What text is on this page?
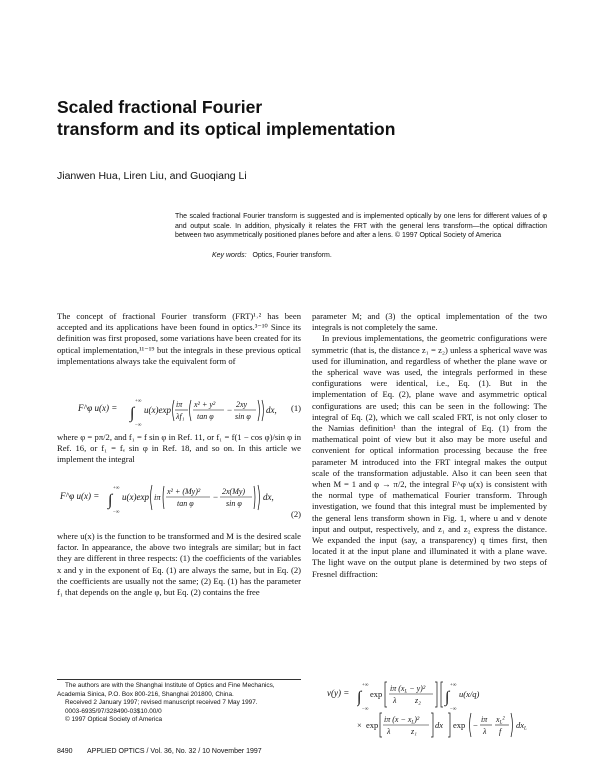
Scaled fractional Fourier
transform and its optical implementation
Jianwen Hua, Liren Liu, and Guoqiang Li
The scaled fractional Fourier transform is suggested and is implemented optically by one lens for different values of φ and output scale. In addition, physically it relates the FRT with the general lens transform—the optical diffraction between two asymmetrically positioned planes before and after a lens. © 1997 Optical Society of America
Key words: Optics, Fourier transform.

The concept of fractional Fourier transform (FRT)¹˒² has been accepted and its applications have been found in optics.³⁻¹⁰ Since its definition was first proposed, some variations have been created for its optical implementation,¹¹⁻¹⁹ but the integrals in these previous optical implementations always take the equivalent form of

F^φ u(x) = ∫
+∞
−∞
u(x)exp
iπ
λf₁
x² + y²
tan φ
−
2xy
sin φ
dx, (1)

where φ = pπ/2, and f₁ = f sin φ in Ref. 11, or f₁ = f(1 − cos φ)/sin φ in Ref. 16, or f₁ = fₑ sin φ in Ref. 18, and so on. In this article we implement the integral

F^φ u(x) = ∫
+∞
−∞
u(x)exp iπ
x² + (My)²
tan φ
−
2x(My)
sin φ
dx,
(2)

where u(x) is the function to be transformed and M is the desired scale factor. In appearance, the above two integrals are similar; but in fact they are different in three respects: (1) the coefficients of the variables x and y in the exponent of Eq. (1) are always the same, but in Eq. (2) the coefficients are usually not the same; (2) Eq. (1) has the parameter f₁ that depends on the angle φ, but Eq. (2) contains the free

The authors are with the Shanghai Institute of Optics and Fine Mechanics, Academia Sinica, P.O. Box 800-216, Shanghai 201800, China.

Received 2 January 1997; revised manuscript received 7 May 1997.

0003-6935/97/328490-03$10.00/0

© 1997 Optical Society of America

parameter M; and (3) the optical implementation of the two integrals is not completely the same.

In previous implementations, the geometric configurations were symmetric (that is, the distance z₁ = z₂) unless a spherical wave was used for illumination, and regardless of whether the plane wave or the spherical wave was used, the integrals performed in these configurations were identical, i.e., Eq. (1). But in the implementation of Eq. (2), plane wave and asymmetric optical configurations are used; this can be seen in the following: The integral of Eq. (2), which we call scaled FRT, is not only closer to the Namias definition¹ than the integral of Eq. (1) from the mathematical point of view but it also may be more useful and convenient for optical information processing because the free parameter M introduced into the FRT integral makes the output scale of the transformation adjustable. Also it can been seen that when M = 1 and φ → π/2, the integral F^φ u(x) is consistent with the normal type of mathematical Fourier transform. Through investigation, we found that this integral must be implemented by the general lens transform shown in Fig. 1, where u and v denote input and output, respectively, and z₁ and z₂ express the distance. We expanded the input (say, a transparency) q times first, then located it at the input plane and illuminated it with a plane wave. The light wave on the output plane is determined by two steps of Fresnel diffraction:

v(y) = ∫
+∞
−∞
exp
iπ (xL − y)²
λ z₂ ∫
+∞
−∞
u(x/q)
× exp
iπ (x − xL)²
λ	z₁
dx exp −
iπ
λ
$xL^2$
f
dxL
8490 APPLIED OPTICS / Vol. 36, No. 32 / 10 November 1997
